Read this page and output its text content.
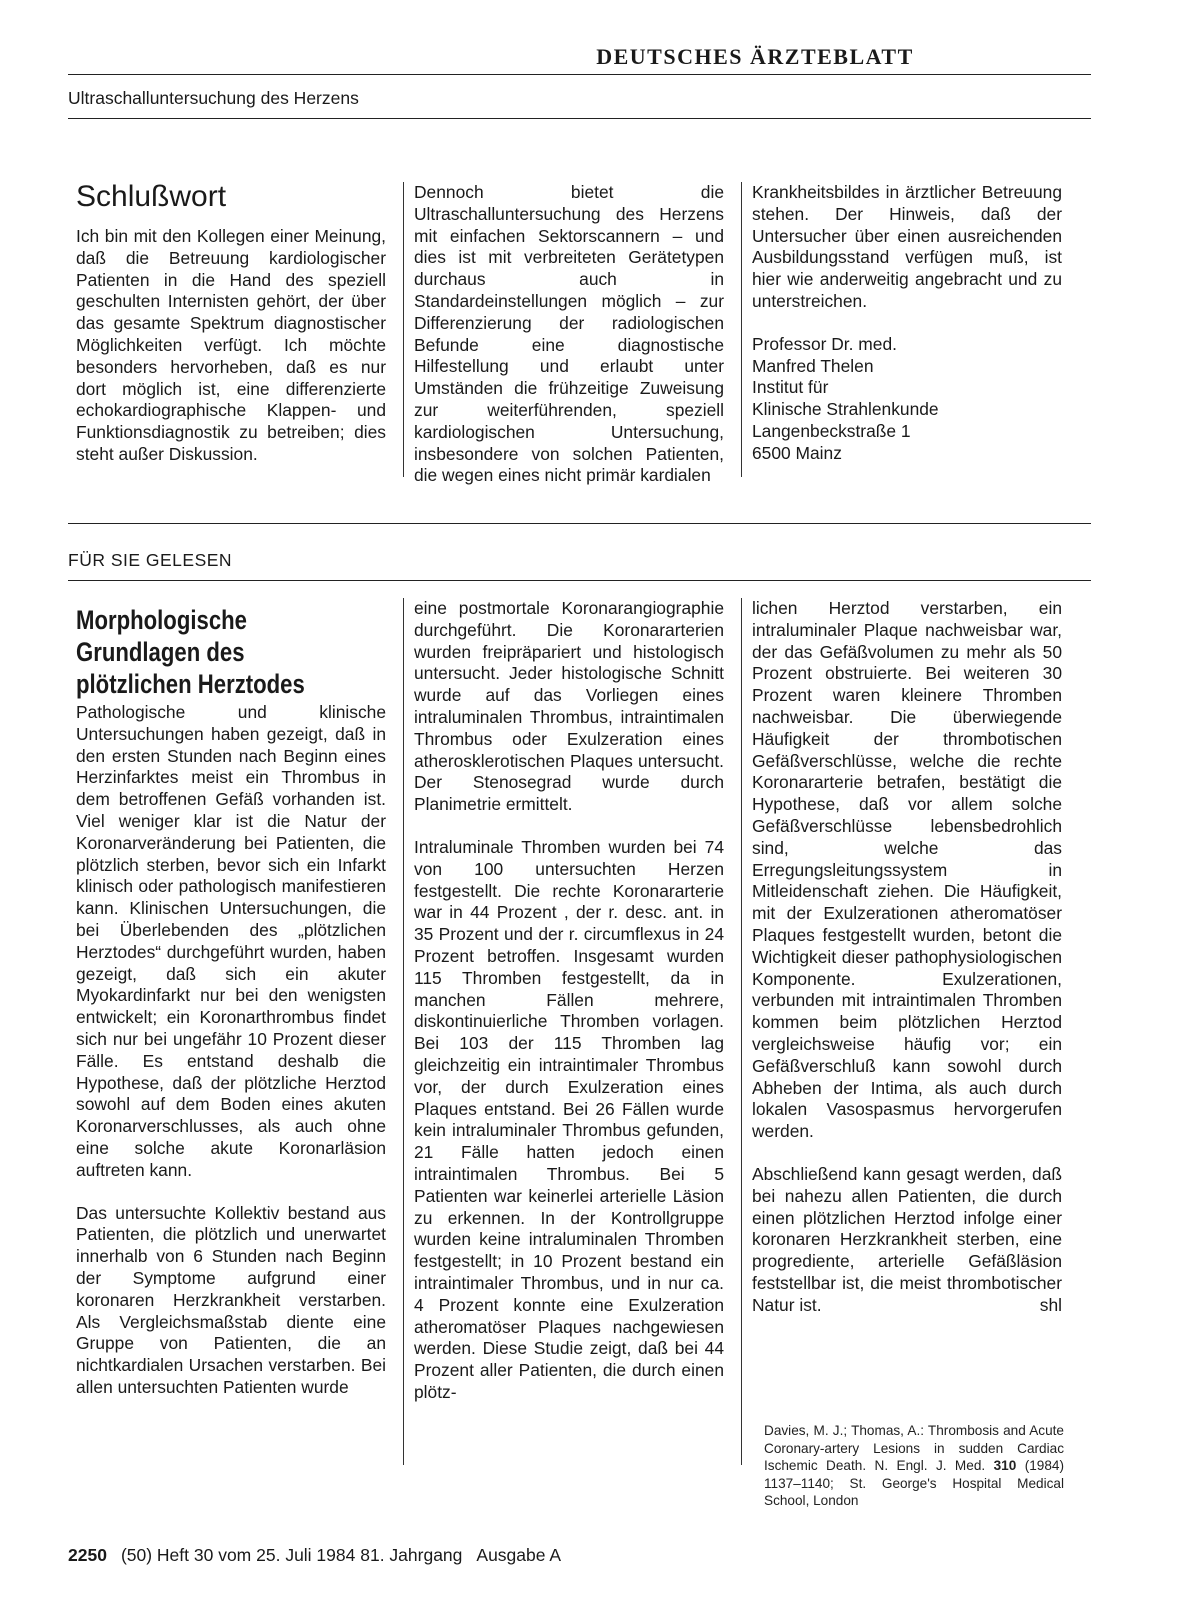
DEUTSCHES ÄRZTEBLATT
Ultraschalluntersuchung des Herzens
Schlußwort

Ich bin mit den Kollegen einer Meinung, daß die Betreuung kardiologischer Patienten in die Hand des speziell geschulten Internisten gehört, der über das gesamte Spektrum diagnostischer Möglichkeiten verfügt. Ich möchte besonders hervorheben, daß es nur dort möglich ist, eine differenzierte echokardiographische Klappen- und Funktionsdiagnostik zu betreiben; dies steht außer Diskussion.

Dennoch bietet die Ultraschalluntersuchung des Herzens mit einfachen Sektorscannern – und dies ist mit verbreiteten Gerätetypen durchaus auch in Standardeinstellungen möglich – zur Differenzierung der radiologischen Befunde eine diagnostische Hilfestellung und erlaubt unter Umständen die frühzeitige Zuweisung zur weiterführenden, speziell kardiologischen Untersuchung, insbesondere von solchen Patienten, die wegen eines nicht primär kardialen

Krankheitsbildes in ärztlicher Betreuung stehen. Der Hinweis, daß der Untersucher über einen ausreichenden Ausbildungsstand verfügen muß, ist hier wie anderweitig angebracht und zu unterstreichen.

Professor Dr. med.
Manfred Thelen
Institut für
Klinische Strahlenkunde
Langenbeckstraße 1
6500 Mainz

FÜR SIE GELESEN
Morphologische Grundlagen des plötzlichen Herztodes

Pathologische und klinische Untersuchungen haben gezeigt, daß in den ersten Stunden nach Beginn eines Herzinfarktes meist ein Thrombus in dem betroffenen Gefäß vorhanden ist. Viel weniger klar ist die Natur der Koronarveränderung bei Patienten, die plötzlich sterben, bevor sich ein Infarkt klinisch oder pathologisch manifestieren kann. Klinischen Untersuchungen, die bei Überlebenden des „plötzlichen Herztodes“ durchgeführt wurden, haben gezeigt, daß sich ein akuter Myokardinfarkt nur bei den wenigsten entwickelt; ein Koronarthrombus findet sich nur bei ungefähr 10 Prozent dieser Fälle. Es entstand deshalb die Hypothese, daß der plötzliche Herztod sowohl auf dem Boden eines akuten Koronarverschlusses, als auch ohne eine solche akute Koronarläsion auftreten kann.

Das untersuchte Kollektiv bestand aus Patienten, die plötzlich und unerwartet innerhalb von 6 Stunden nach Beginn der Symptome aufgrund einer koronaren Herzkrankheit verstarben. Als Vergleichsmaßstab diente eine Gruppe von Patienten, die an nichtkardialen Ursachen verstarben. Bei allen untersuchten Patienten wurde

eine postmortale Koronarangiographie durchgeführt. Die Koronararterien wurden freipräpariert und histologisch untersucht. Jeder histologische Schnitt wurde auf das Vorliegen eines intraluminalen Thrombus, intraintimalen Thrombus oder Exulzeration eines atherosklerotischen Plaques untersucht. Der Stenosegrad wurde durch Planimetrie ermittelt.

Intraluminale Thromben wurden bei 74 von 100 untersuchten Herzen festgestellt. Die rechte Koronararterie war in 44 Prozent , der r. desc. ant. in 35 Prozent und der r. circumflexus in 24 Prozent betroffen. Insgesamt wurden 115 Thromben festgestellt, da in manchen Fällen mehrere, diskontinuierliche Thromben vorlagen. Bei 103 der 115 Thromben lag gleichzeitig ein intraintimaler Thrombus vor, der durch Exulzeration eines Plaques entstand. Bei 26 Fällen wurde kein intraluminaler Thrombus gefunden, 21 Fälle hatten jedoch einen intraintimalen Thrombus. Bei 5 Patienten war keinerlei arterielle Läsion zu erkennen. In der Kontrollgruppe wurden keine intraluminalen Thromben festgestellt; in 10 Prozent bestand ein intraintimaler Thrombus, und in nur ca. 4 Prozent konnte eine Exulzeration atheromatöser Plaques nachgewiesen werden. Diese Studie zeigt, daß bei 44 Prozent aller Patienten, die durch einen plötz-

lichen Herztod verstarben, ein intraluminaler Plaque nachweisbar war, der das Gefäßvolumen zu mehr als 50 Prozent obstruierte. Bei weiteren 30 Prozent waren kleinere Thromben nachweisbar. Die überwiegende Häufigkeit der thrombotischen Gefäßverschlüsse, welche die rechte Koronararterie betrafen, bestätigt die Hypothese, daß vor allem solche Gefäßverschlüsse lebensbedrohlich sind, welche das Erregungsleitungssystem in Mitleidenschaft ziehen. Die Häufigkeit, mit der Exulzerationen atheromatöser Plaques festgestellt wurden, betont die Wichtigkeit dieser pathophysiologischen Komponente. Exulzerationen, verbunden mit intraintimalen Thromben kommen beim plötzlichen Herztod vergleichsweise häufig vor; ein Gefäßverschluß kann sowohl durch Abheben der Intima, als auch durch lokalen Vasospasmus hervorgerufen werden.

Abschließend kann gesagt werden, daß bei nahezu allen Patienten, die durch einen plötzlichen Herztod infolge einer koronaren Herzkrankheit sterben, eine progrediente, arterielle Gefäßläsion feststellbar ist, die meist thrombotischer Natur ist.	shl

Davies, M. J.; Thomas, A.: Thrombosis and Acute Coronary-artery Lesions in sudden Cardiac Ischemic Death. N. Engl. J. Med. 310 (1984) 1137–1140; St. George's Hospital Medical School, London
2250 (50) Heft 30 vom 25. Juli 1984 81. Jahrgang Ausgabe A
